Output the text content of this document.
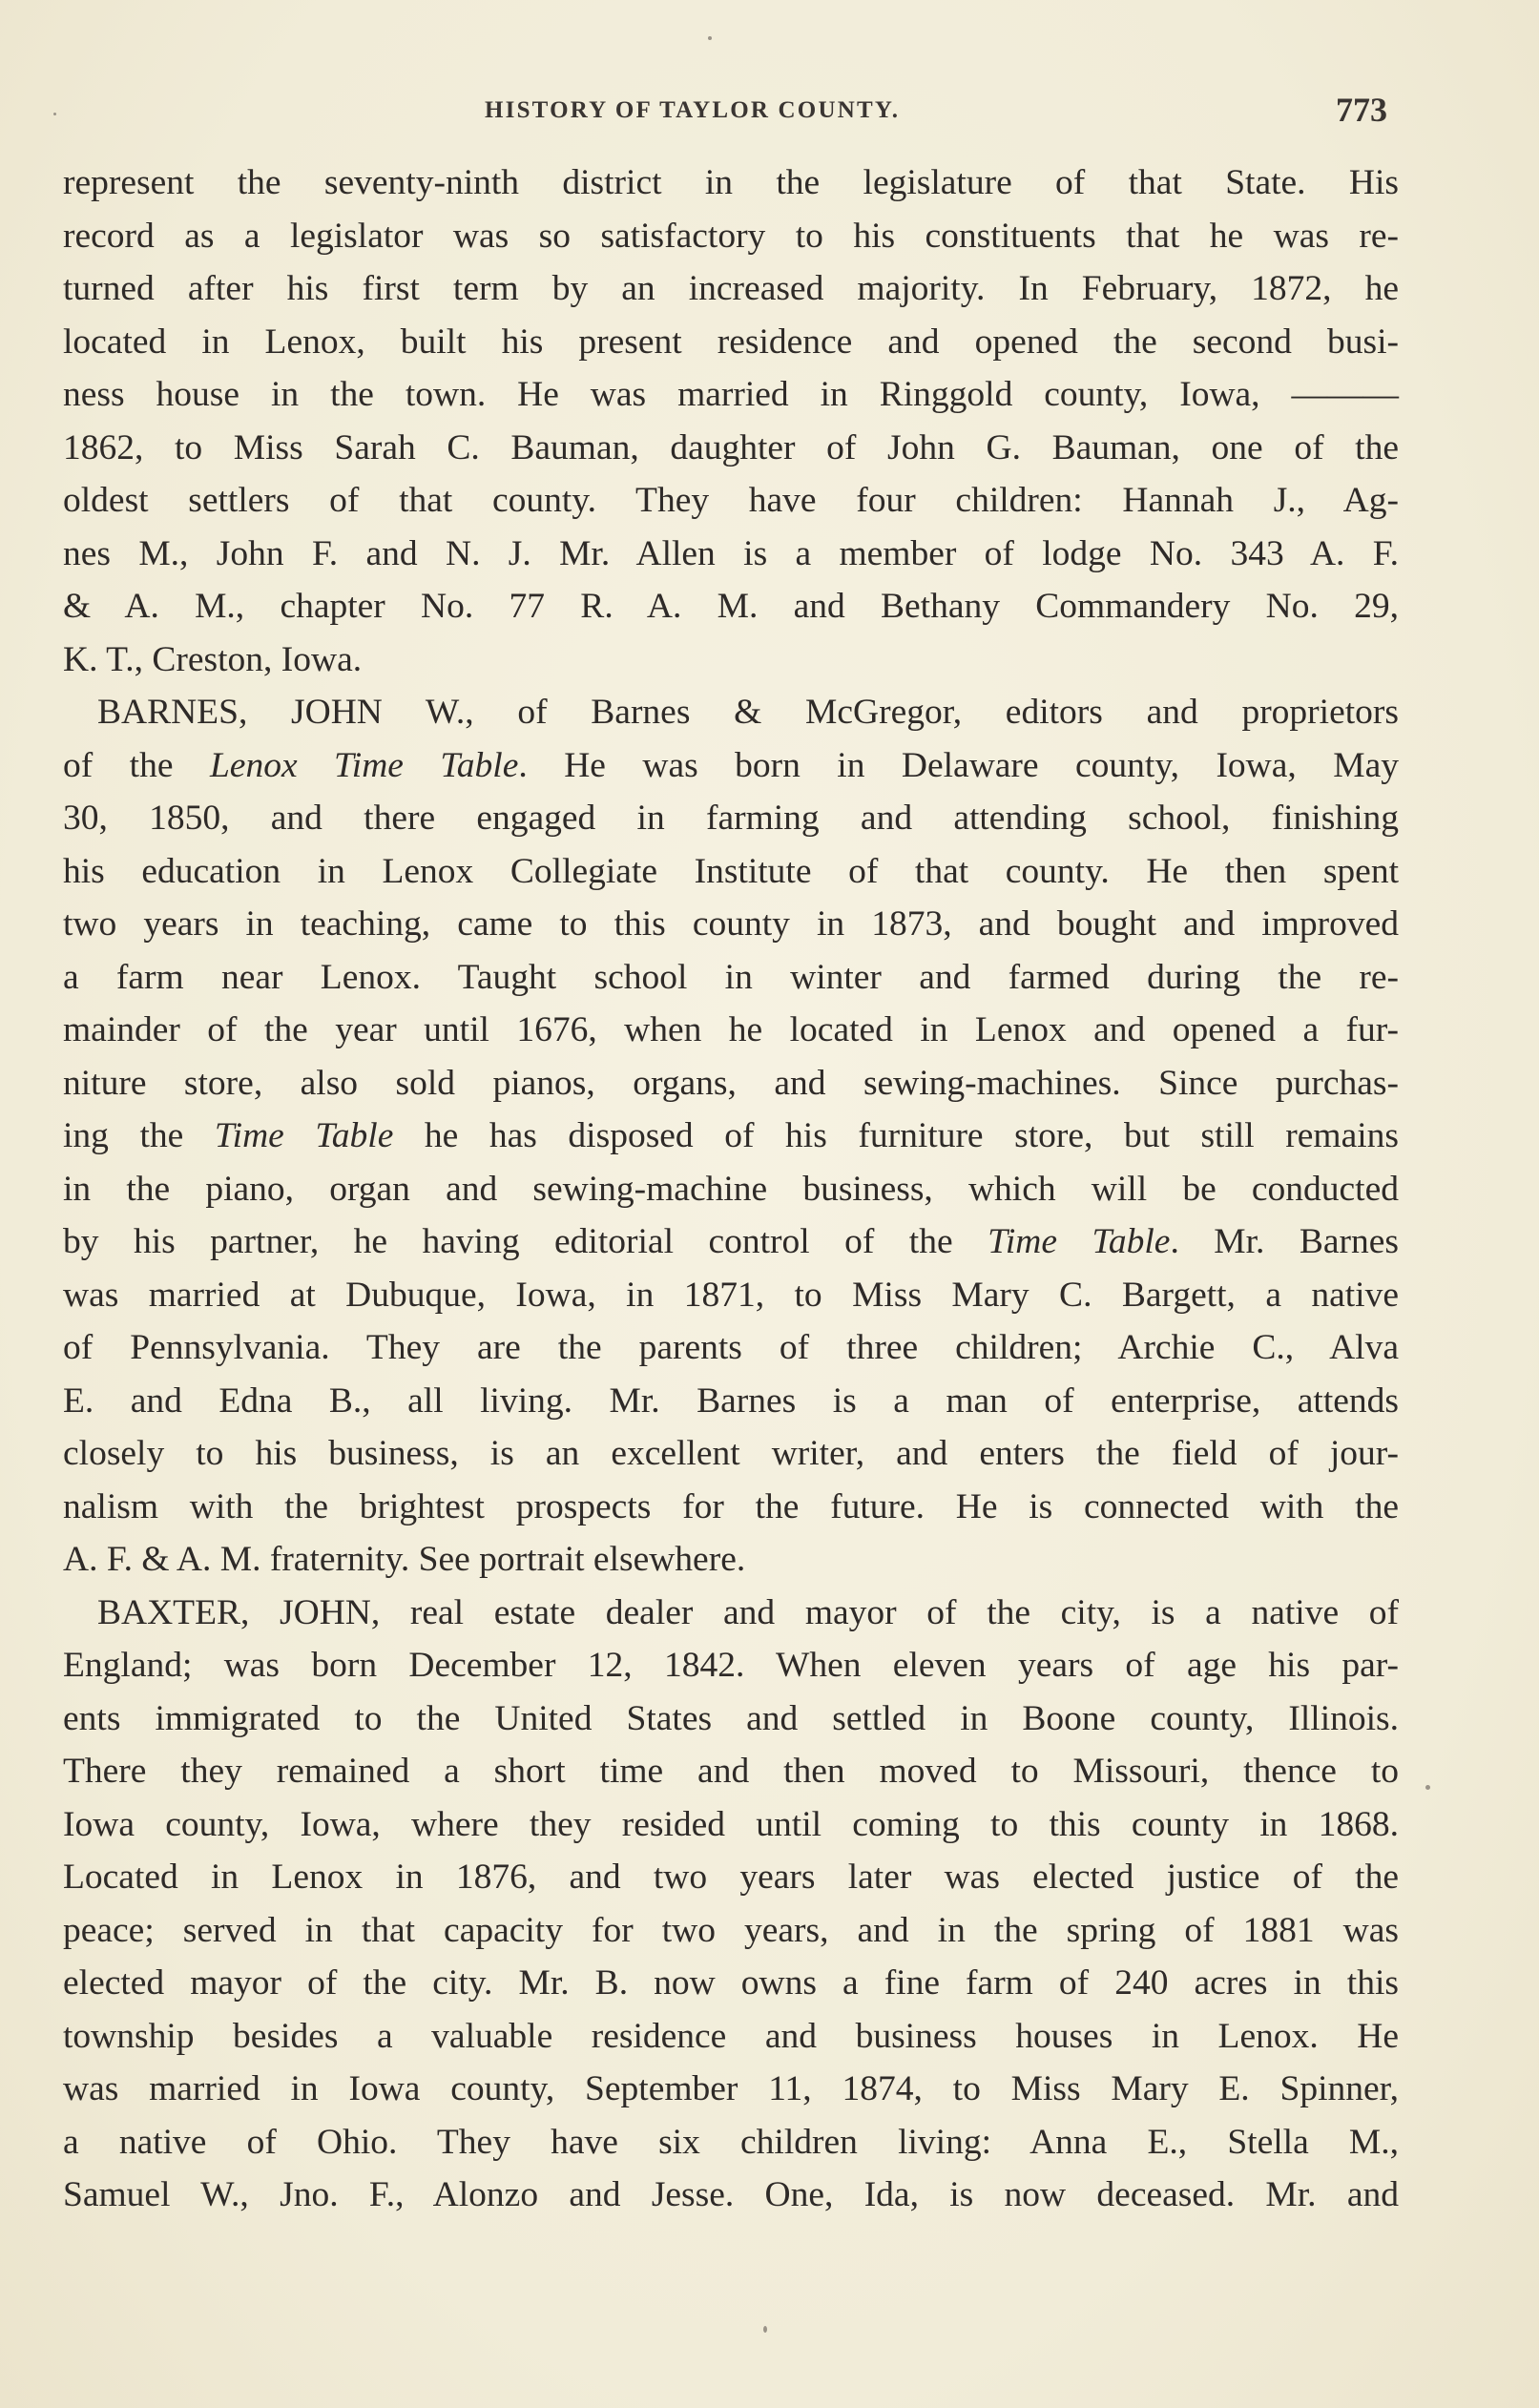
HISTORY OF TAYLOR COUNTY.	773
represent the seventy-ninth district in the legislature of that State. His
record as a legislator was so satisfactory to his constituents that he was re-
turned after his first term by an increased majority. In February, 1872, he
located in Lenox, built his present residence and opened the second busi-
ness house in the town. He was married in Ringgold county, Iowa, ———
1862, to Miss Sarah C. Bauman, daughter of John G. Bauman, one of the
oldest settlers of that county. They have four children: Hannah J., Ag-
nes M., John F. and N. J. Mr. Allen is a member of lodge No. 343 A. F.
& A. M., chapter No. 77 R. A. M. and Bethany Commandery No. 29,
K. T., Creston, Iowa.
BARNES, JOHN W., of Barnes & McGregor, editors and proprietors
of the Lenox Time Table. He was born in Delaware county, Iowa, May
30, 1850, and there engaged in farming and attending school, finishing
his education in Lenox Collegiate Institute of that county. He then spent
two years in teaching, came to this county in 1873, and bought and improved
a farm near Lenox. Taught school in winter and farmed during the re-
mainder of the year until 1676, when he located in Lenox and opened a fur-
niture store, also sold pianos, organs, and sewing-machines. Since purchas-
ing the Time Table he has disposed of his furniture store, but still remains
in the piano, organ and sewing-machine business, which will be conducted
by his partner, he having editorial control of the Time Table. Mr. Barnes
was married at Dubuque, Iowa, in 1871, to Miss Mary C. Bargett, a native
of Pennsylvania. They are the parents of three children; Archie C., Alva
E. and Edna B., all living. Mr. Barnes is a man of enterprise, attends
closely to his business, is an excellent writer, and enters the field of jour-
nalism with the brightest prospects for the future. He is connected with the
A. F. & A. M. fraternity. See portrait elsewhere.
BAXTER, JOHN, real estate dealer and mayor of the city, is a native of
England; was born December 12, 1842. When eleven years of age his par-
ents immigrated to the United States and settled in Boone county, Illinois.
There they remained a short time and then moved to Missouri, thence to
Iowa county, Iowa, where they resided until coming to this county in 1868.
Located in Lenox in 1876, and two years later was elected justice of the
peace; served in that capacity for two years, and in the spring of 1881 was
elected mayor of the city. Mr. B. now owns a fine farm of 240 acres in this
township besides a valuable residence and business houses in Lenox. He
was married in Iowa county, September 11, 1874, to Miss Mary E. Spinner,
a native of Ohio. They have six children living: Anna E., Stella M.,
Samuel W., Jno. F., Alonzo and Jesse. One, Ida, is now deceased. Mr. and
